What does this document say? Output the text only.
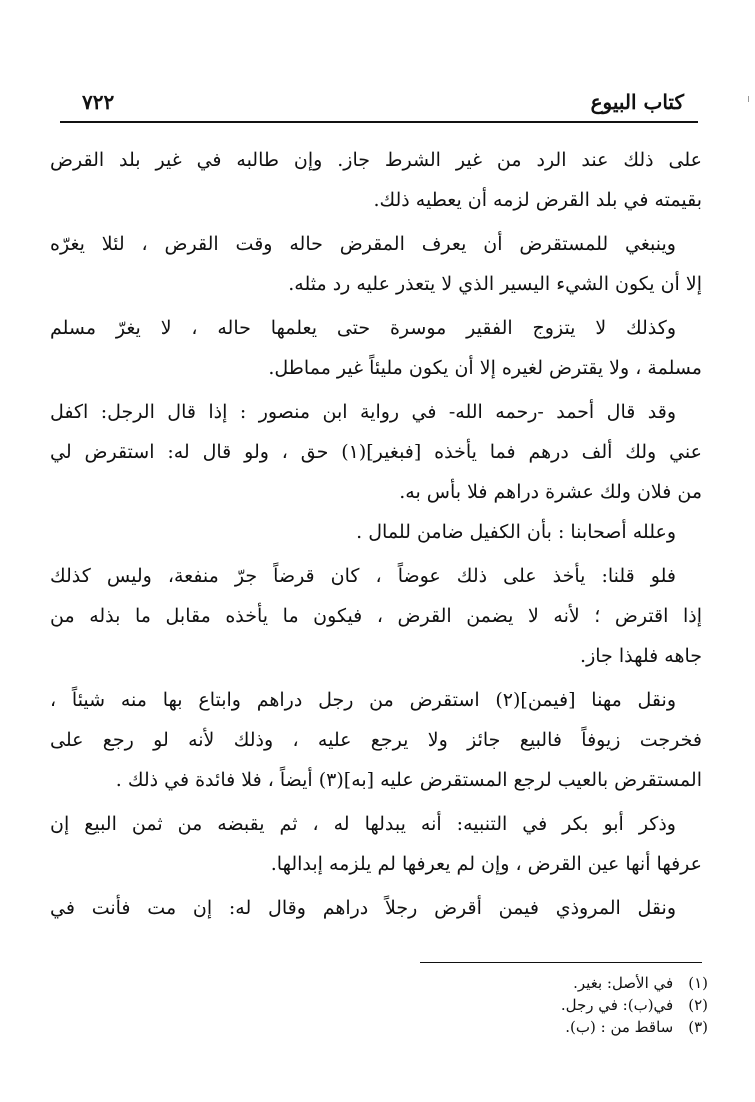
كتاب البيوع
٧٢٢
على ذلك عند الرد من غير الشرط جاز. وإن طالبه في غير بلد القرض
بقيمته في بلد القرض لزمه أن يعطيه ذلك.
وينبغي للمستقرض أن يعرف المقرض حاله وقت القرض ، لئلا يغرّه
إلا أن يكون الشيء اليسير الذي لا يتعذر عليه رد مثله.
وكذلك لا يتزوج الفقير موسرة حتى يعلمها حاله ، لا يغرّ مسلم
مسلمة ، ولا يقترض لغيره إلا أن يكون مليئاً غير مماطل.
وقد قال أحمد -رحمه الله- في رواية ابن منصور : إذا قال الرجل: اكفل
عني ولك ألف درهم فما يأخذه [فبغير](١) حق ، ولو قال له: استقرض لي
من فلان ولك عشرة دراهم فلا بأس به.
وعلله أصحابنا : بأن الكفيل ضامن للمال .
فلو قلنا: يأخذ على ذلك عوضاً ، كان قرضاً جرّ منفعة، وليس كذلك
إذا اقترض ؛ لأنه لا يضمن القرض ، فيكون ما يأخذه مقابل ما بذله من
جاهه فلهذا جاز.
ونقل مهنا [فيمن](٢) استقرض من رجل دراهم وابتاع بها منه شيئاً ،
فخرجت زيوفاً فالبيع جائز ولا يرجع عليه ، وذلك لأنه لو رجع على
المستقرض بالعيب لرجع المستقرض عليه [به](٣) أيضاً ، فلا فائدة في ذلك .
وذكر أبو بكر في التنبيه: أنه يبدلها له ، ثم يقبضه من ثمن البيع إن
عرفها أنها عين القرض ، وإن لم يعرفها لم يلزمه إبدالها.
ونقل المروذي فيمن أقرض رجلاً دراهم وقال له: إن مت فأنت في
(١) في الأصل: بغير.
(٢) في(ب): في رجل.
(٣) ساقط من : (ب).
